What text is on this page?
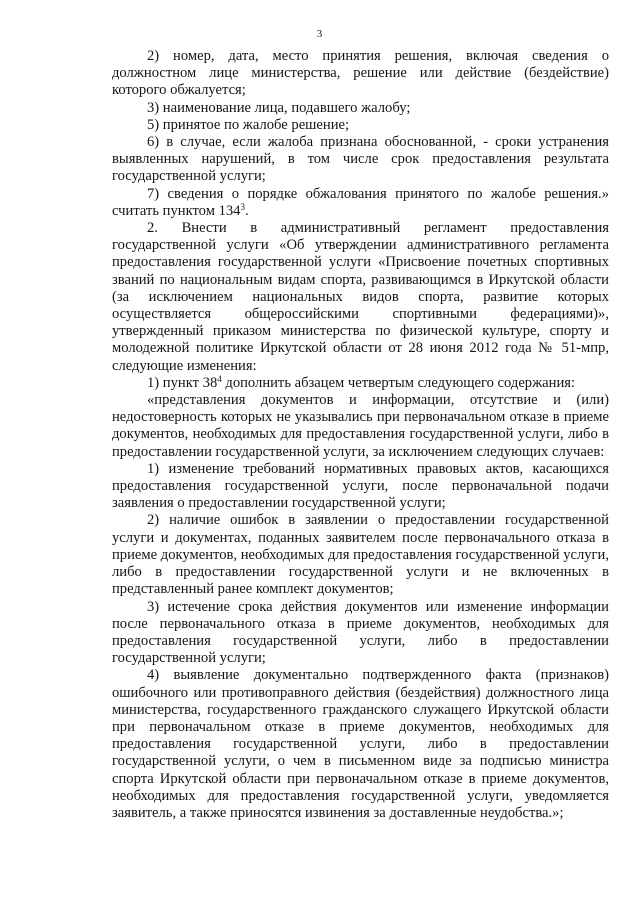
3

2) номер, дата, место принятия решения, включая сведения о должностном лице министерства, решение или действие (бездействие) которого обжалуется;

3) наименование лица, подавшего жалобу;

5) принятое по жалобе решение;

6) в случае, если жалоба признана обоснованной, - сроки устранения выявленных нарушений, в том числе срок предоставления результата государственной услуги;

7) сведения о порядке обжалования принятого по жалобе решения.» считать пунктом $134^3$.

2. Внести в административный регламент предоставления государственной услуги «Об утверждении административного регламента предоставления государственной услуги «Присвоение почетных спортивных званий по национальным видам спорта, развивающимся в Иркутской области (за исключением национальных видов спорта, развитие которых осуществляется общероссийскими спортивными федерациями)», утвержденный приказом министерства по физической культуре, спорту и молодежной политике Иркутской области от 28 июня 2012 года № 51-мпр, следующие изменения:

1) пункт $38^4$ дополнить абзацем четвертым следующего содержания:

«представления документов и информации, отсутствие и (или) недостоверность которых не указывались при первоначальном отказе в приеме документов, необходимых для предоставления государственной услуги, либо в предоставлении государственной услуги, за исключением следующих случаев:

1) изменение требований нормативных правовых актов, касающихся предоставления государственной услуги, после первоначальной подачи заявления о предоставлении государственной услуги;

2) наличие ошибок в заявлении о предоставлении государственной услуги и документах, поданных заявителем после первоначального отказа в приеме документов, необходимых для предоставления государственной услуги, либо в предоставлении государственной услуги и не включенных в представленный ранее комплект документов;

3) истечение срока действия документов или изменение информации после первоначального отказа в приеме документов, необходимых для предоставления государственной услуги, либо в предоставлении государственной услуги;

4) выявление документально подтвержденного факта (признаков) ошибочного или противоправного действия (бездействия) должностного лица министерства, государственного гражданского служащего Иркутской области при первоначальном отказе в приеме документов, необходимых для предоставления государственной услуги, либо в предоставлении государственной услуги, о чем в письменном виде за подписью министра спорта Иркутской области при первоначальном отказе в приеме документов, необходимых для предоставления государственной услуги, уведомляется заявитель, а также приносятся извинения за доставленные неудобства.»;
